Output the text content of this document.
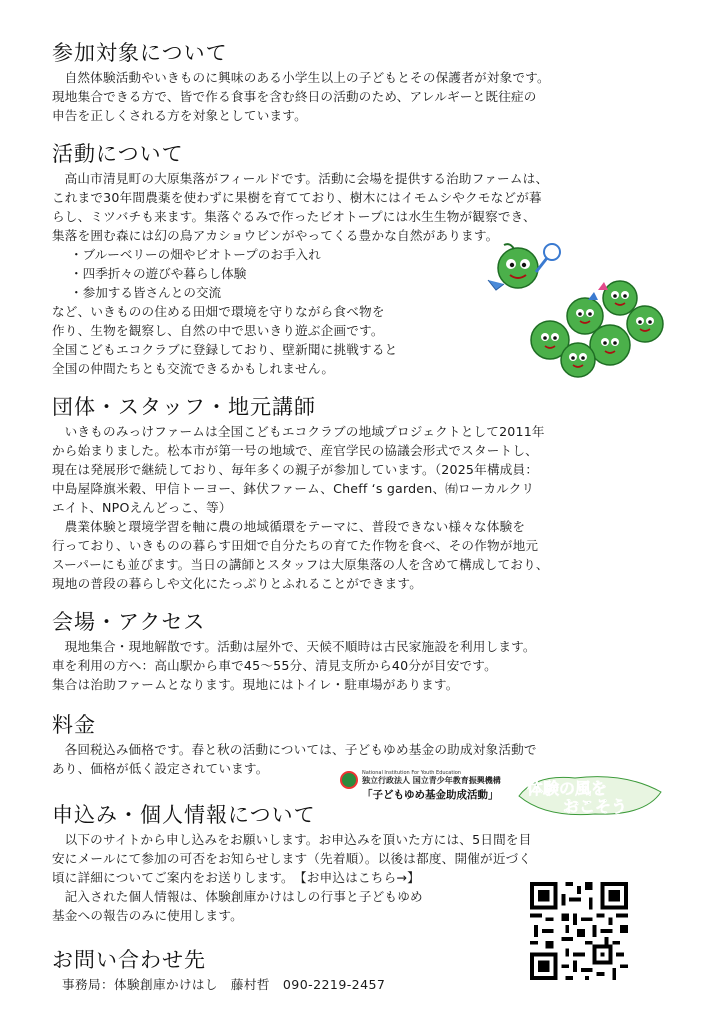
参加対象について

自然体験活動やいきものに興味のある小学生以上の子どもとその保護者が対象です。

現地集合できる方で、皆で作る食事を含む終日の活動のため、アレルギーと既往症の

申告を正しくされる方を対象としています。

活動について

高山市清見町の大原集落がフィールドです。活動に会場を提供する治助ファームは、

これまで30年間農薬を使わずに果樹を育てており、樹木にはイモムシやクモなどが暮

らし、ミツバチも来ます。集落ぐるみで作ったビオトープには水生生物が観察でき、

集落を囲む森には幻の鳥アカショウビンがやってくる豊かな自然があります。

・ ブルーベリーの畑やビオトープのお手入れ
・ 四季折々の遊びや暮らし体験
・ 参加する皆さんとの交流

など、いきものの住める田畑で環境を守りながら食べ物を

作り、生物を観察し、自然の中で思いきり遊ぶ企画です。

全国こどもエコクラブに登録しており、壁新聞に挑戦すると

全国の仲間たちとも交流できるかもしれません。

団体・スタッフ・地元講師

いきものみっけファームは全国こどもエコクラブの地域プロジェクトとして2011年

から始まりました。松本市が第一号の地域で、産官学民の協議会形式でスタートし、

現在は発展形で継続しており、毎年多くの親子が参加しています。（2025年構成員：

中島屋降旗米穀、甲信トーヨー、鉢伏ファーム、Cheff ‘s garden、㈲ローカルクリ

エイト、NPOえんどっこ、等）

農業体験と環境学習を軸に農の地域循環をテーマに、普段できない様々な体験を

行っており、いきものの暮らす田畑で自分たちの育てた作物を食べ、その作物が地元

スーパーにも並びます。当日の講師とスタッフは大原集落の人を含めて構成しており、

現地の普段の暮らしや文化にたっぷりとふれることができます。

会場・アクセス

現地集合・現地解散です。活動は屋外で、天候不順時は古民家施設を利用します。

車を利用の方へ：高山駅から車で45～55分、清見支所から40分が目安です。

集合は治助ファームとなります。現地にはトイレ・駐車場があります。

料金

各回税込み価格です。春と秋の活動については、子どもゆめ基金の助成対象活動で

あり、価格が低く設定されています。	National Institution For Youth Education
独立行政法人 国立青少年教育振興機構
「子どもゆめ基金助成活動」	体験の風を
おこそう
申込み・個人情報について

以下のサイトから申し込みをお願いします。お申込みを頂いた方には、5日間を目

安にメールにて参加の可否をお知らせします（先着順）。以後は都度、開催が近づく

頃に詳細についてご案内をお送りします。　【お申込はこちら→】

記入された個人情報は、体験創庫かけはしの行事と子どもゆめ

基金への報告のみに使用します。

お問い合わせ先

事務局：体験創庫かけはし　藤村哲　090-2219-2457
